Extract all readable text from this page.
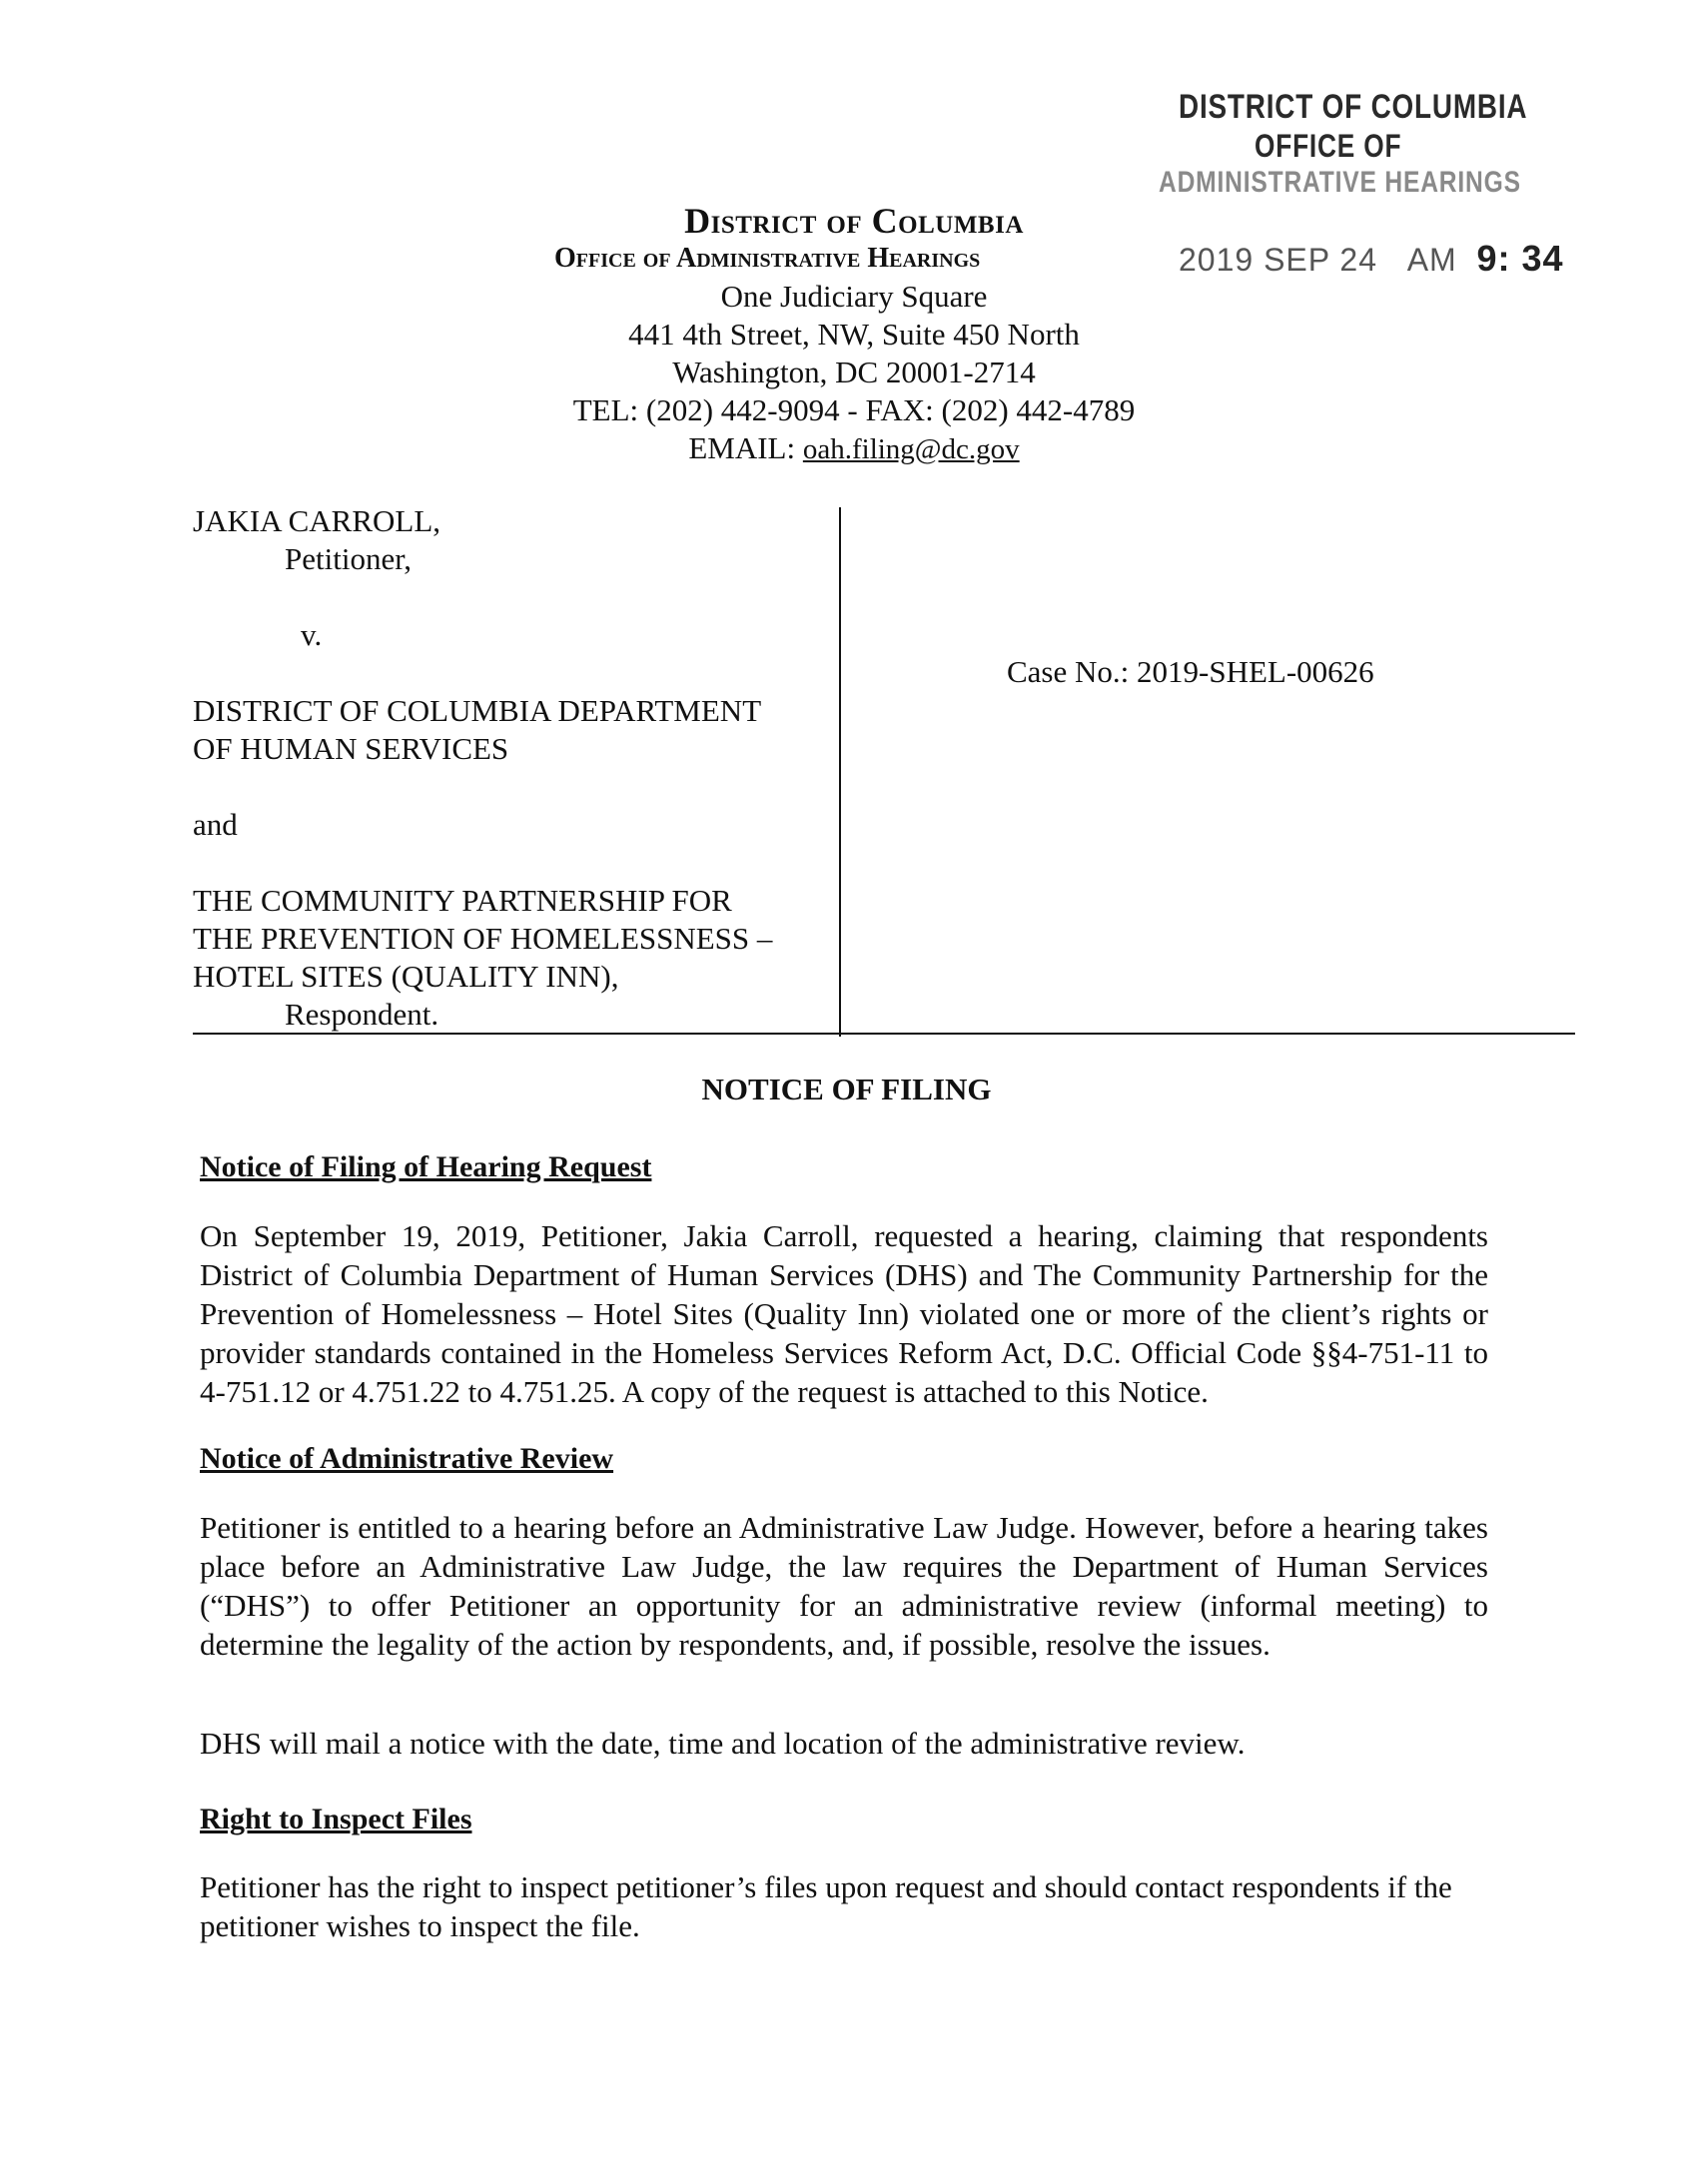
DISTRICT OF COLUMBIA
OFFICE OF
ADMINISTRATIVE HEARINGS
2019 SEP 24 AM 9: 34
District of Columbia
Office of Administrative Hearings
One Judiciary Square
441 4th Street, NW, Suite 450 North
Washington, DC 20001-2714
TEL: (202) 442-9094 - FAX: (202) 442-4789
EMAIL: oah.filing@dc.gov
JAKIA CARROLL,
Petitioner,
v.
DISTRICT OF COLUMBIA DEPARTMENT
OF HUMAN SERVICES
and
THE COMMUNITY PARTNERSHIP FOR
THE PREVENTION OF HOMELESSNESS –
HOTEL SITES (QUALITY INN),
Respondent.
Case No.: 2019-SHEL-00626
NOTICE OF FILING
Notice of Filing of Hearing Request
On September 19, 2019, Petitioner, Jakia Carroll, requested a hearing, claiming that respondents District of Columbia Department of Human Services (DHS) and The Community Partnership for the Prevention of Homelessness – Hotel Sites (Quality Inn) violated one or more of the client’s rights or provider standards contained in the Homeless Services Reform Act, D.C. Official Code §§4-751-11 to 4-751.12 or 4.751.22 to 4.751.25. A copy of the request is attached to this Notice.
Notice of Administrative Review
Petitioner is entitled to a hearing before an Administrative Law Judge. However, before a hearing takes place before an Administrative Law Judge, the law requires the Department of Human Services (“DHS”) to offer Petitioner an opportunity for an administrative review (informal meeting) to determine the legality of the action by respondents, and, if possible, resolve the issues.
DHS will mail a notice with the date, time and location of the administrative review.
Right to Inspect Files
Petitioner has the right to inspect petitioner’s files upon request and should contact respondents if the petitioner wishes to inspect the file.
